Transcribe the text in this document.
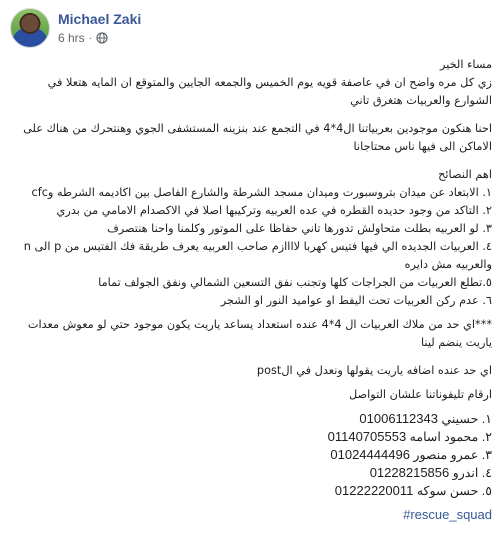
Michael Zaki
6 hrs ·
مساء الخير
زي كل مره واضح ان في عاصفة قويه يوم الخميس والجمعه الجايين والمتوقع ان المايه هتعلا في الشوارع والعربيات هتغرق تاني
احنا هنكون موجودين بعربياتنا ال4*4 في التجمع عند بنزينه المستشفى الجوي وهنتحرك من هناك على الاماكن الى فيها ناس محتاجانا
اهم النصائح
١. الابتعاد عن ميدان بتروسبورت وميدان مسجد الشرطة والشارع الفاصل بين اكاديمه الشرطه وcfc
٢. التاكد من وجود حديده القطره في عده العربيه وتركيبها اصلا في الاكصدام الامامي من بدري
٣. لو العربيه بطلت متحاولش تدورها تاني حفاظا على الموتور وكلمنا واحنا هنتصرف
٤. العربيات الجديده الي فيها فتيس كهربا لاااازم صاحب العربيه يعرف طريقة فك الفتيس من p الى n والعربيه مش دايره
٥.تطلع العربيات من الجراجات كلها وتجنب نفق التسعين الشمالي ونفق الجولف تماما
٦. عدم ركن العربيات تحت اليفط او عواميد النور او الشجر
***اي حد من ملاك العربيات ال 4*4 عنده استعداد يساعد ياريت يكون موجود حتي لو معوش معدات ياريت ينضم لينا
اي حد عنده اضافه ياريت يقولها ونعدل في الpost
ارقام تليفوناتنا علشان التواصل
١. حسيني 01006112343
٢. محمود اسامه 01140705553
٣. عمرو منصور 01024444496
٤. اندرو 01228215856
٥. حسن سوكه 01222220011
#rescue_squad
